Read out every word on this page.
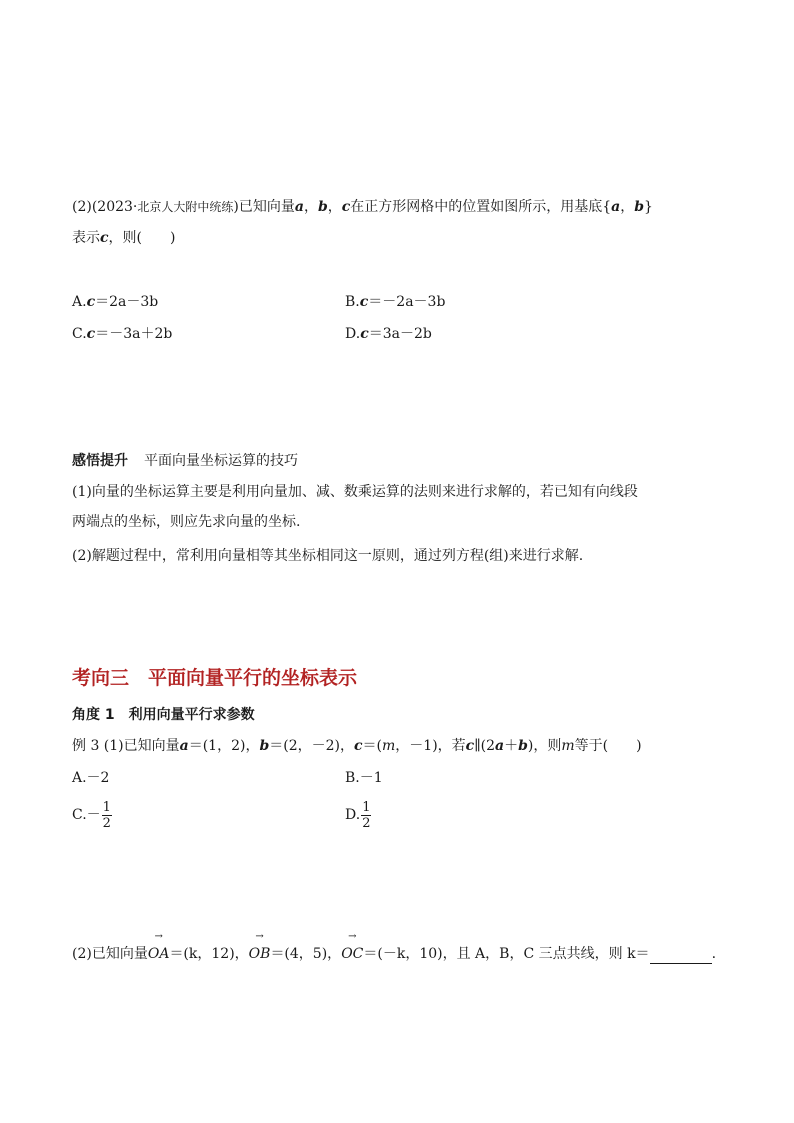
(2)(2023·北京人大附中统练)已知向量a，b，c在正方形网格中的位置如图所示，用基底{a，b}
表示c，则(　　)
A.c＝2a－3b	B.c＝－2a－3b
C.c＝－3a＋2b	D.c＝3a－2b
感悟提升 平面向量坐标运算的技巧
(1)向量的坐标运算主要是利用向量加、减、数乘运算的法则来进行求解的，若已知有向线段
两端点的坐标，则应先求向量的坐标.
(2)解题过程中，常利用向量相等其坐标相同这一原则，通过列方程(组)来进行求解.
考向三　平面向量平行的坐标表示
角度 1　利用向量平行求参数
例 3 (1)已知向量a＝(1，2)，b＝(2，－2)，c＝(m，－1)，若c∥(2a＋b)，则m等于(　　)
A.－2	B.－1
$C.- \frac{1}{2}$	D. $\frac{1}{2}$
(2)已知向量→ OA＝(k，12)，→ OB＝(4，5)，→ OC＝(－k，10)，且 A，B，C 三点共线，则 k＝	.
